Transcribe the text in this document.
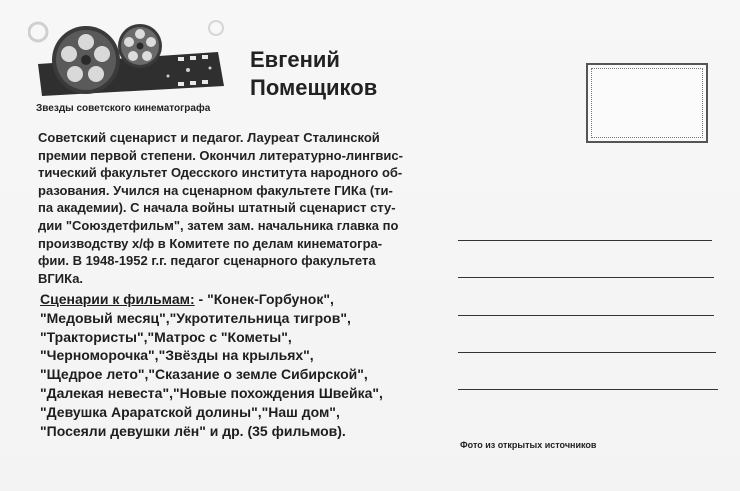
Звезды советского кинематографа
Евгений
Помещиков
Советский сценарист и педагог. Лауреат Сталинской
премии первой степени. Окончил литературно-лингвис-
тический факультет Одесского института народного об-
разования. Учился на сценарном факультете ГИКа (ти-
па академии). С начала войны штатный сценарист сту-
дии "Союздетфильм", затем зам. начальника главка по
производству х/ф в Комитете по делам кинематогра-
фии. В 1948-1952 г.г. педагог сценарного факультета
ВГИКа.
Сценарии к фильмам: - "Конек-Горбунок",
"Медовый месяц","Укротительница тигров",
"Трактористы","Матрос с "Кометы",
"Черноморочка","Звёзды на крыльях",
"Щедрое лето","Сказание о земле Сибирской",
"Далекая невеста","Новые похождения Швейка",
"Девушка Араратской долины","Наш дом",
"Посеяли девушки лён" и др. (35 фильмов).
Фото из открытых источников
